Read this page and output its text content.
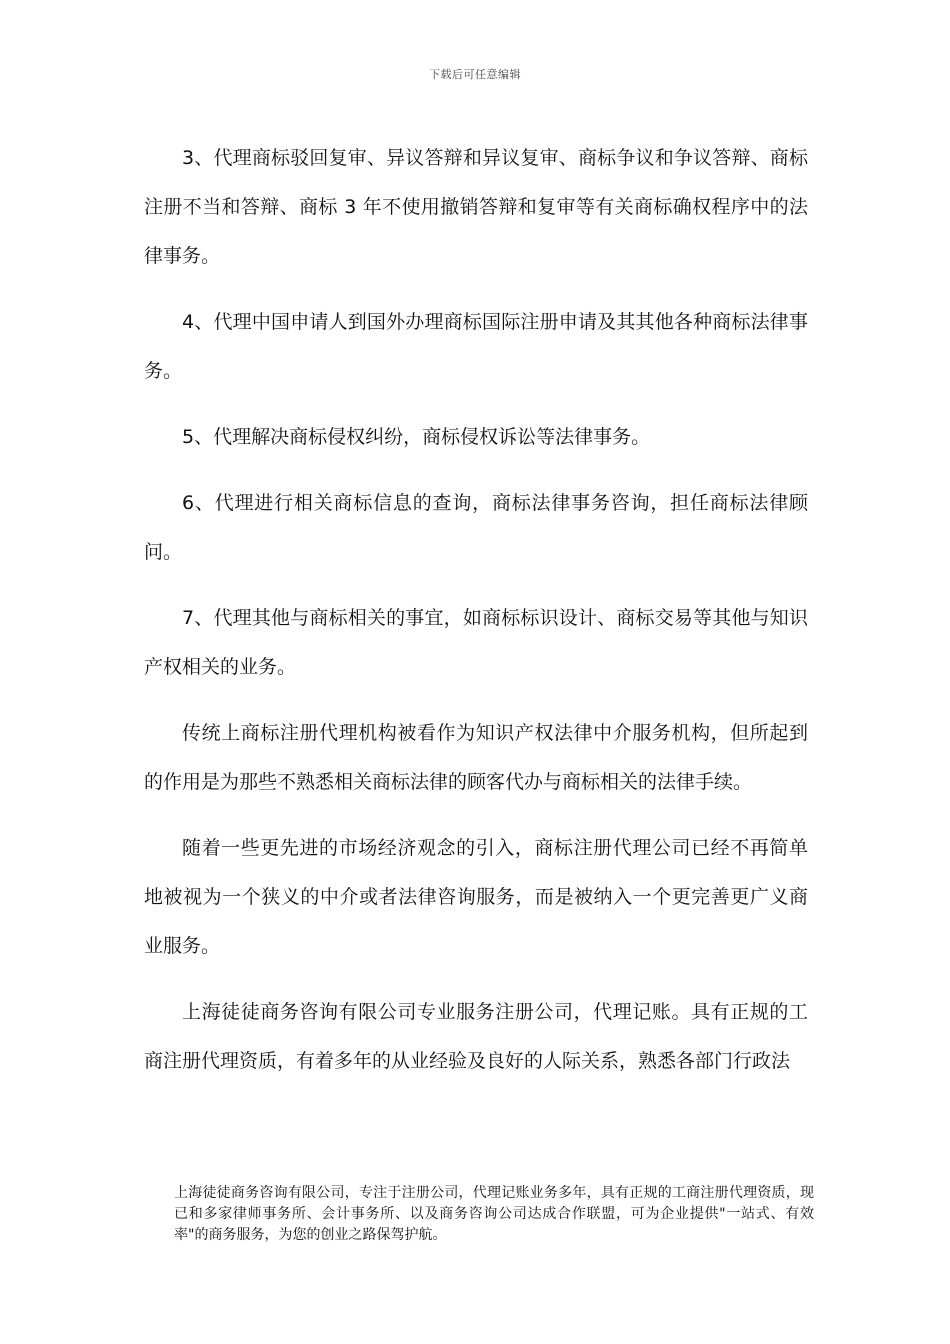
下载后可任意编辑

3、代理商标驳回复审、异议答辩和异议复审、商标争议和争议答辩、商标注册不当和答辩、商标 3 年不使用撤销答辩和复审等有关商标确权程序中的法律事务。

4、代理中国申请人到国外办理商标国际注册申请及其其他各种商标法律事务。

5、代理解决商标侵权纠纷，商标侵权诉讼等法律事务。

6、代理进行相关商标信息的查询，商标法律事务咨询，担任商标法律顾问。

7、代理其他与商标相关的事宜，如商标标识设计、商标交易等其他与知识产权相关的业务。

传统上商标注册代理机构被看作为知识产权法律中介服务机构，但所起到的作用是为那些不熟悉相关商标法律的顾客代办与商标相关的法律手续。

随着一些更先进的市场经济观念的引入，商标注册代理公司已经不再简单地被视为一个狭义的中介或者法律咨询服务，而是被纳入一个更完善更广义商业服务。

上海徒徒商务咨询有限公司专业服务注册公司，代理记账。具有正规的工商注册代理资质，有着多年的从业经验及良好的人际关系，熟悉各部门行政法

上海徒徒商务咨询有限公司，专注于注册公司，代理记账业务多年，具有正规的工商注册代理资质，现已和多家律师事务所、会计事务所、以及商务咨询公司达成合作联盟，可为企业提供"一站式、有效率"的商务服务，为您的创业之路保驾护航。
